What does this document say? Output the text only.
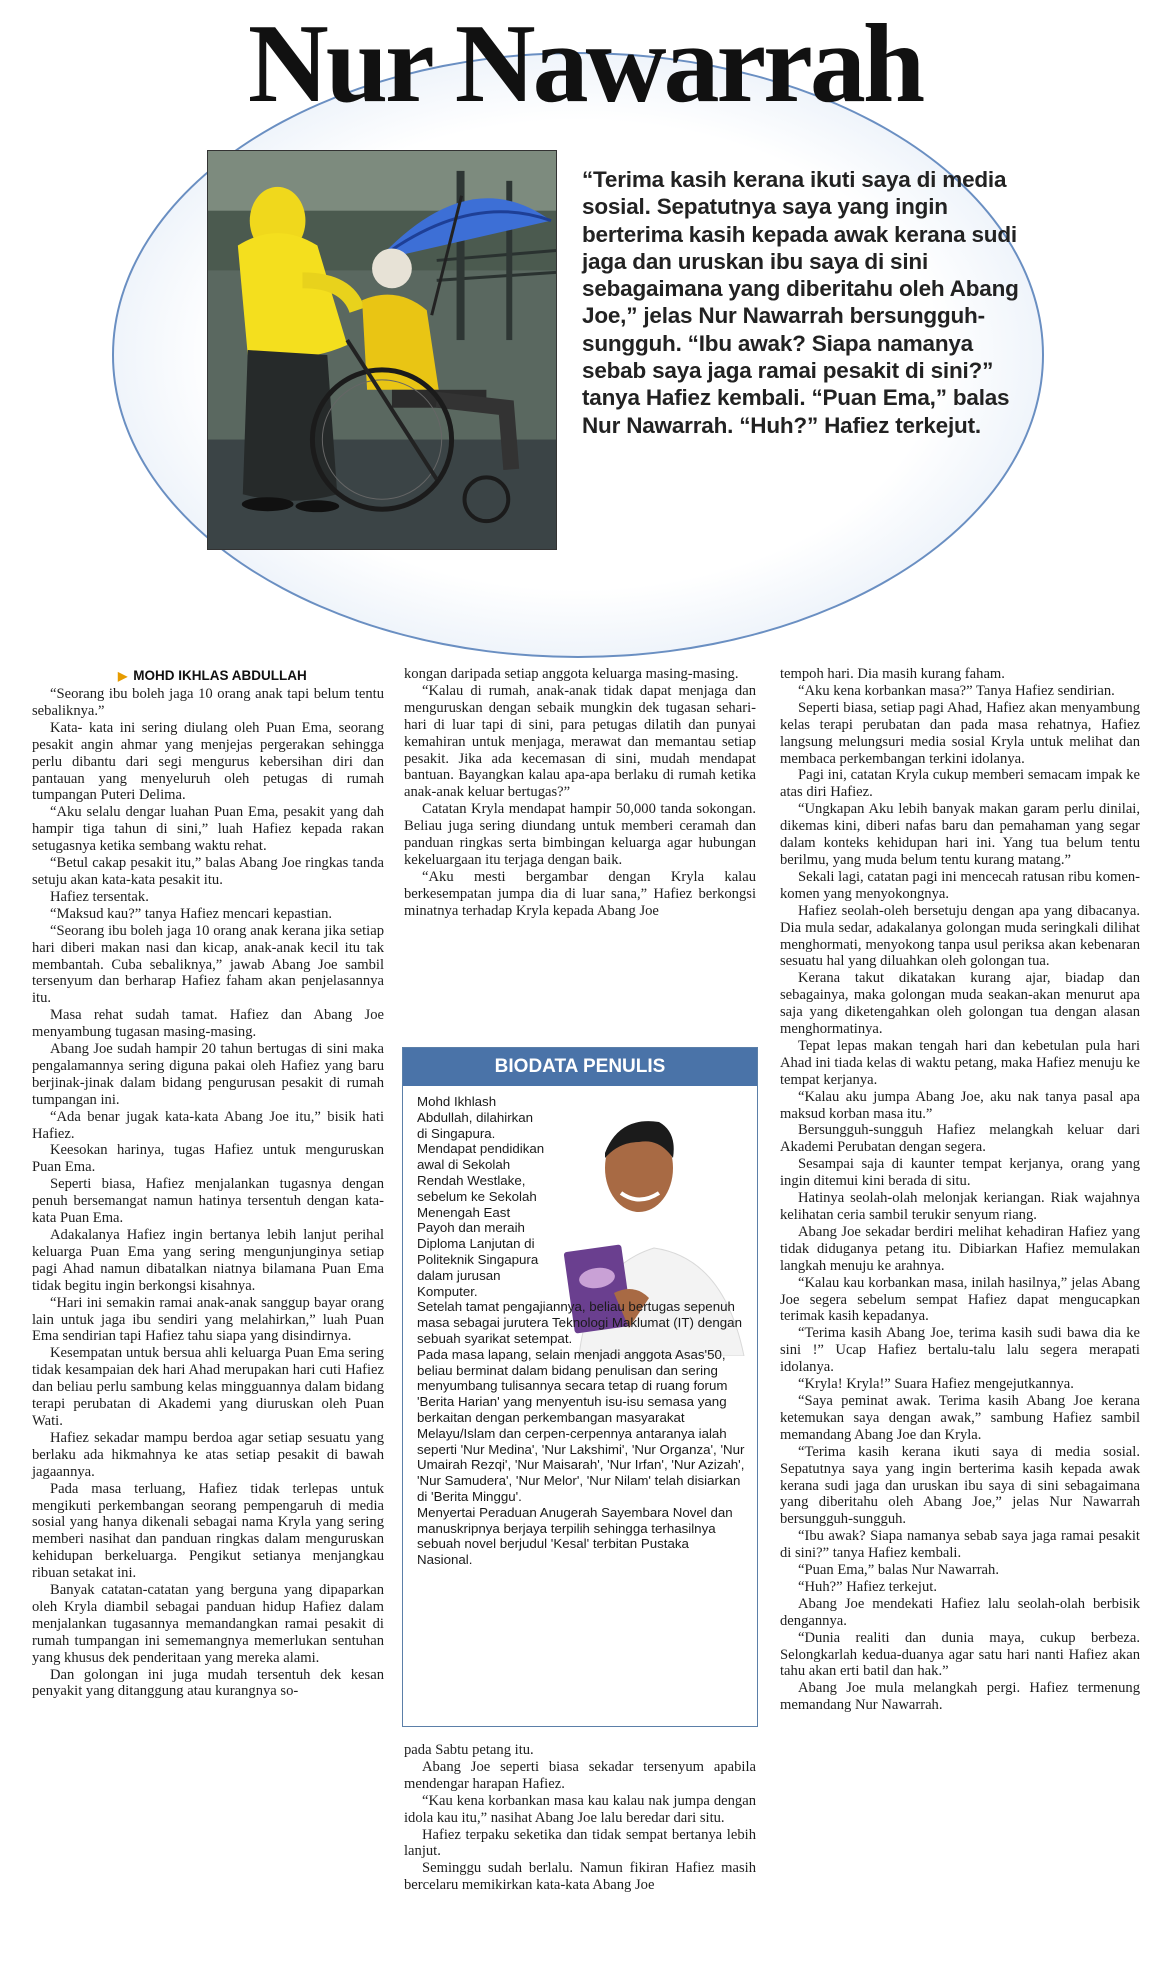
Nur Nawarrah
“Terima kasih kerana ikuti saya di media sosial. Sepatutnya saya yang ingin berterima kasih kepada awak kerana sudi jaga dan uruskan ibu saya di sini sebagaimana yang diberitahu oleh Abang Joe,” jelas Nur Nawarrah bersungguh-sungguh. “Ibu awak? Siapa namanya sebab saya jaga ramai pesakit di sini?” tanya Hafiez kembali. “Puan Ema,” balas Nur Nawarrah. “Huh?” Hafiez terkejut.
▶ MOHD IKHLAS ABDULLAH

“Seorang ibu boleh jaga 10 orang anak tapi belum tentu sebaliknya.”

Kata- kata ini sering diulang oleh Puan Ema, seorang pesakit angin ahmar yang menjejas pergerakan sehingga perlu dibantu dari segi mengurus kebersihan diri dan pantauan yang menyeluruh oleh petugas di rumah tumpangan Puteri Delima.

“Aku selalu dengar luahan Puan Ema, pesakit yang dah hampir tiga tahun di sini,” luah Hafiez kepada rakan setugasnya ketika sembang waktu rehat.

“Betul cakap pesakit itu,” balas Abang Joe ringkas tanda setuju akan kata-kata pesakit itu.

Hafiez tersentak.

“Maksud kau?” tanya Hafiez mencari kepastian.

“Seorang ibu boleh jaga 10 orang anak kerana jika setiap hari diberi makan nasi dan kicap, anak-anak kecil itu tak membantah. Cuba sebaliknya,” jawab Abang Joe sambil tersenyum dan berharap Hafiez faham akan penjelasannya itu.

Masa rehat sudah tamat. Hafiez dan Abang Joe menyambung tugasan masing-masing.

Abang Joe sudah hampir 20 tahun bertugas di sini maka pengalamannya sering diguna pakai oleh Hafiez yang baru berjinak-jinak dalam bidang pengurusan pesakit di rumah tumpangan ini.

“Ada benar jugak kata-kata Abang Joe itu,” bisik hati Hafiez.

Keesokan harinya, tugas Hafiez untuk menguruskan Puan Ema.

Seperti biasa, Hafiez menjalankan tugasnya dengan penuh bersemangat namun hatinya tersentuh dengan kata-kata Puan Ema.

Adakalanya Hafiez ingin bertanya lebih lanjut perihal keluarga Puan Ema yang sering mengunjunginya setiap pagi Ahad namun dibatalkan niatnya bilamana Puan Ema tidak begitu ingin berkongsi kisahnya.

“Hari ini semakin ramai anak-anak sanggup bayar orang lain untuk jaga ibu sendiri yang melahirkan,” luah Puan Ema sendirian tapi Hafiez tahu siapa yang disindirnya.

Kesempatan untuk bersua ahli keluarga Puan Ema sering tidak kesampaian dek hari Ahad merupakan hari cuti Hafiez dan beliau perlu sambung kelas mingguannya dalam bidang terapi perubatan di Akademi yang diuruskan oleh Puan Wati.

Hafiez sekadar mampu berdoa agar setiap sesuatu yang berlaku ada hikmahnya ke atas setiap pesakit di bawah jagaannya.

Pada masa terluang, Hafiez tidak terlepas untuk mengikuti perkembangan seorang pempengaruh di media sosial yang hanya dikenali sebagai nama Kryla yang sering memberi nasihat dan panduan ringkas dalam menguruskan kehidupan berkeluarga. Pengikut setianya menjangkau ribuan setakat ini.

Banyak catatan-catatan yang berguna yang dipaparkan oleh Kryla diambil sebagai panduan hidup Hafiez dalam menjalankan tugasannya memandangkan ramai pesakit di rumah tumpangan ini sememangnya memerlukan sentuhan yang khusus dek penderitaan yang mereka alami.

Dan golongan ini juga mudah tersentuh dek kesan penyakit yang ditanggung atau kurangnya so-

kongan daripada setiap anggota keluarga masing-masing.

“Kalau di rumah, anak-anak tidak dapat menjaga dan menguruskan dengan sebaik mungkin dek tugasan sehari-hari di luar tapi di sini, para petugas dilatih dan punyai kemahiran untuk menjaga, merawat dan memantau setiap pesakit. Jika ada kecemasan di sini, mudah mendapat bantuan. Bayangkan kalau apa-apa berlaku di rumah ketika anak-anak keluar bertugas?”

Catatan Kryla mendapat hampir 50,000 tanda sokongan. Beliau juga sering diundang untuk memberi ceramah dan panduan ringkas serta bimbingan keluarga agar hubungan kekeluargaan itu terjaga dengan baik.

“Aku mesti bergambar dengan Kryla kalau berkesempatan jumpa dia di luar sana,” Hafiez berkongsi minatnya terhadap Kryla kepada Abang Joe

BIODATA PENULIS
Mohd Ikhlash Abdullah, dilahirkan di Singapura. Mendapat pendidikan awal di Sekolah Rendah Westlake, sebelum ke Sekolah Menengah East Payoh dan meraih Diploma Lanjutan di Politeknik Singapura dalam jurusan Komputer.
Setelah tamat pengajiannya, beliau bertugas sepenuh masa sebagai jurutera Teknologi Maklumat (IT) dengan sebuah syarikat setempat.
Pada masa lapang, selain menjadi anggota Asas'50, beliau berminat dalam bidang penulisan dan sering menyumbang tulisannya secara tetap di ruang forum 'Berita Harian' yang menyentuh isu-isu semasa yang berkaitan dengan perkembangan masyarakat Melayu/Islam dan cerpen-cerpennya antaranya ialah seperti 'Nur Medina', 'Nur Lakshimi', 'Nur Organza', 'Nur Umairah Rezqi', 'Nur Maisarah', 'Nur Irfan', 'Nur Azizah', 'Nur Samudera', 'Nur Melor', 'Nur Nilam' telah disiarkan di 'Berita Minggu'.
Menyertai Peraduan Anugerah Sayembara Novel dan manuskripnya berjaya terpilih sehingga terhasilnya sebuah novel berjudul 'Kesal' terbitan Pustaka Nasional.

pada Sabtu petang itu.

Abang Joe seperti biasa sekadar tersenyum apabila mendengar harapan Hafiez.

“Kau kena korbankan masa kau kalau nak jumpa dengan idola kau itu,” nasihat Abang Joe lalu beredar dari situ.

Hafiez terpaku seketika dan tidak sempat bertanya lebih lanjut.

Seminggu sudah berlalu. Namun fikiran Hafiez masih bercelaru memikirkan kata-kata Abang Joe

tempoh hari. Dia masih kurang faham.

“Aku kena korbankan masa?” Tanya Hafiez sendirian.

Seperti biasa, setiap pagi Ahad, Hafiez akan menyambung kelas terapi perubatan dan pada masa rehatnya, Hafiez langsung melungsuri media sosial Kryla untuk melihat dan membaca perkembangan terkini idolanya.

Pagi ini, catatan Kryla cukup memberi semacam impak ke atas diri Hafiez.

“Ungkapan Aku lebih banyak makan garam perlu dinilai, dikemas kini, diberi nafas baru dan pemahaman yang segar dalam konteks kehidupan hari ini. Yang tua belum tentu berilmu, yang muda belum tentu kurang matang.”

Sekali lagi, catatan pagi ini mencecah ratusan ribu komen-komen yang menyokongnya.

Hafiez seolah-oleh bersetuju dengan apa yang dibacanya. Dia mula sedar, adakalanya golongan muda seringkali dilihat menghormati, menyokong tanpa usul periksa akan kebenaran sesuatu hal yang diluahkan oleh golongan tua.

Kerana takut dikatakan kurang ajar, biadap dan sebagainya, maka golongan muda seakan-akan menurut apa saja yang diketengahkan oleh golongan tua dengan alasan menghormatinya.

Tepat lepas makan tengah hari dan kebetulan pula hari Ahad ini tiada kelas di waktu petang, maka Hafiez menuju ke tempat kerjanya.

“Kalau aku jumpa Abang Joe, aku nak tanya pasal apa maksud korban masa itu.”

Bersungguh-sungguh Hafiez melangkah keluar dari Akademi Perubatan dengan segera.

Sesampai saja di kaunter tempat kerjanya, orang yang ingin ditemui kini berada di situ.

Hatinya seolah-olah melonjak keriangan. Riak wajahnya kelihatan ceria sambil terukir senyum riang.

Abang Joe sekadar berdiri melihat kehadiran Hafiez yang tidak diduganya petang itu. Dibiarkan Hafiez memulakan langkah menuju ke arahnya.

“Kalau kau korbankan masa, inilah hasilnya,” jelas Abang Joe segera sebelum sempat Hafiez dapat mengucapkan terimak kasih kepadanya.

“Terima kasih Abang Joe, terima kasih sudi bawa dia ke sini !” Ucap Hafiez bertalu-talu lalu segera merapati idolanya.

“Kryla! Kryla!” Suara Hafiez mengejutkannya.

“Saya peminat awak. Terima kasih Abang Joe kerana ketemukan saya dengan awak,” sambung Hafiez sambil memandang Abang Joe dan Kryla.

“Terima kasih kerana ikuti saya di media sosial. Sepatutnya saya yang ingin berterima kasih kepada awak kerana sudi jaga dan uruskan ibu saya di sini sebagaimana yang diberitahu oleh Abang Joe,” jelas Nur Nawarrah bersungguh-sungguh.

“Ibu awak? Siapa namanya sebab saya jaga ramai pesakit di sini?” tanya Hafiez kembali.

“Puan Ema,” balas Nur Nawarrah.

“Huh?” Hafiez terkejut.

Abang Joe mendekati Hafiez lalu seolah-olah berbisik dengannya.

“Dunia realiti dan dunia maya, cukup berbeza. Selongkarlah kedua-duanya agar satu hari nanti Hafiez akan tahu akan erti batil dan hak.”

Abang Joe mula melangkah pergi. Hafiez termenung memandang Nur Nawarrah.
